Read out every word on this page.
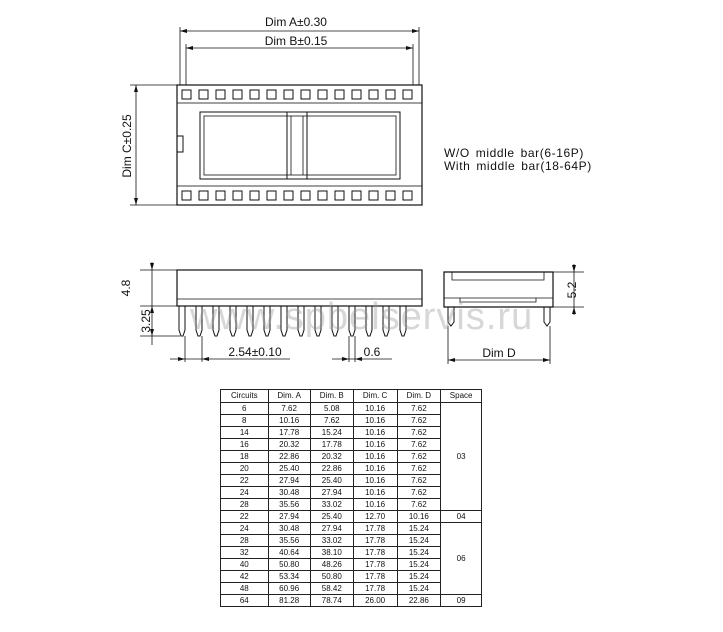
Dim A±0.30
Dim B±0.15
Dim C±0.25
4.8
3.25
2.54±0.10	0.6
5.2
Dim D
W/O middle bar(6-16P)
With middle bar(18-64P)
www.spbelservis.ru
Circuits	Dim. A	Dim. B	Dim. C	Dim. D	Space
6	7.62	5.08	10.16	7.62	03
8	10.16	7.62	10.16	7.62	
14	17.78	15.24	10.16	7.62	
16	20.32	17.78	10.16	7.62	
18	22.86	20.32	10.16	7.62	
20	25.40	22.86	10.16	7.62	
22	27.94	25.40	10.16	7.62	
24	30.48	27.94	10.16	7.62	
28	35.56	33.02	10.16	7.62	
22	27.94	25.40	12.70	10.16	04
24	30.48	27.94	17.78	15.24	06
28	35.56	33.02	17.78	15.24	
32	40.64	38.10	17.78	15.24	
40	50.80	48.26	17.78	15.24	
42	53.34	50.80	17.78	15.24	
48	60.96	58.42	17.78	15.24	
64	81.28	78.74	26.00	22.86	09
